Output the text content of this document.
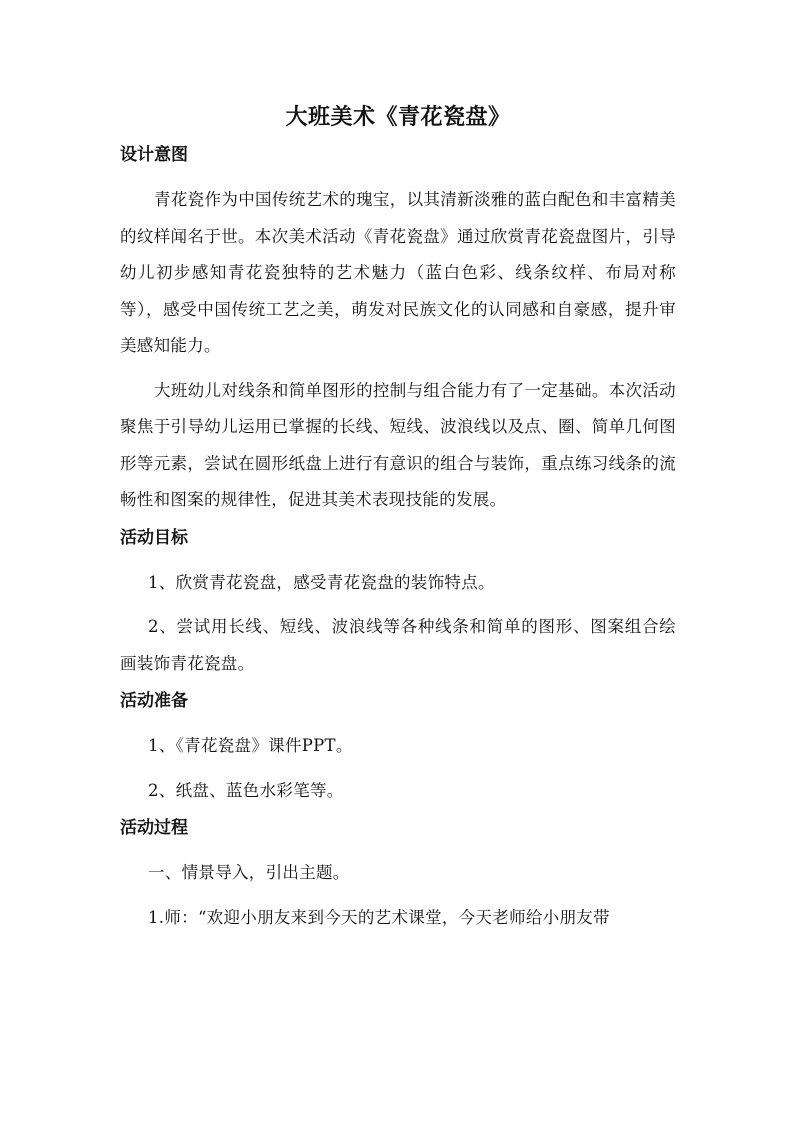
大班美术《青花瓷盘》
设计意图

青花瓷作为中国传统艺术的瑰宝，以其清新淡雅的蓝白配色和丰富精美的纹样闻名于世。本次美术活动《青花瓷盘》通过欣赏青花瓷盘图片，引导幼儿初步感知青花瓷独特的艺术魅力（蓝白色彩、线条纹样、布局对称等），感受中国传统工艺之美，萌发对民族文化的认同感和自豪感，提升审美感知能力。

大班幼儿对线条和简单图形的控制与组合能力有了一定基础。本次活动聚焦于引导幼儿运用已掌握的长线、短线、波浪线以及点、圈、简单几何图形等元素，尝试在圆形纸盘上进行有意识的组合与装饰，重点练习线条的流畅性和图案的规律性，促进其美术表现技能的发展。

活动目标

1、欣赏青花瓷盘，感受青花瓷盘的装饰特点。

2、尝试用长线、短线、波浪线等各种线条和简单的图形、图案组合绘画装饰青花瓷盘。

活动准备

1、《青花瓷盘》课件PPT。

2、纸盘、蓝色水彩笔等。

活动过程

一、情景导入，引出主题。

1.师：“欢迎小朋友来到今天的艺术课堂，今天老师给小朋友带
